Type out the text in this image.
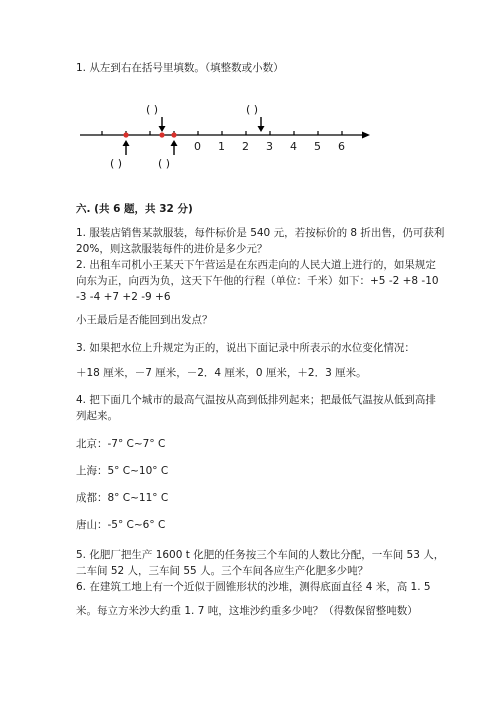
1. 从左到右在括号里填数。（填整数或小数）
( )	( )
0 1 2 3 4 5 6
( )	( )
六. (共 6 题，共 32 分)
1. 服装店销售某款服装，每件标价是 540 元，若按标价的 8 折出售，仍可获利
20%，则这款服装每件的进价是多少元？
2. 出租车司机小王某天下午营运是在东西走向的人民大道上进行的，如果规定
向东为正，向西为负，这天下午他的行程（单位：千米）如下：+5 -2 +8 -10
-3 -4 +7 +2 -9 +6
小王最后是否能回到出发点？
3. 如果把水位上升规定为正的，说出下面记录中所表示的水位变化情况：
＋18 厘米，－7 厘米，－2．4 厘米，0 厘米，＋2．3 厘米。
4. 把下面几个城市的最高气温按从高到低排列起来；把最低气温按从低到高排
列起来。
北京：-7° C~7° C
上海：5° C~10° C
成都：8° C~11° C
唐山：-5° C~6° C
5. 化肥厂把生产 1600 t 化肥的任务按三个车间的人数比分配，一车间 53 人，
二车间 52 人，三车间 55 人。三个车间各应生产化肥多少吨？
6. 在建筑工地上有一个近似于圆锥形状的沙堆，测得底面直径 4 米，高 1. 5
米。每立方米沙大约重 1. 7 吨，这堆沙约重多少吨？（得数保留整吨数）
